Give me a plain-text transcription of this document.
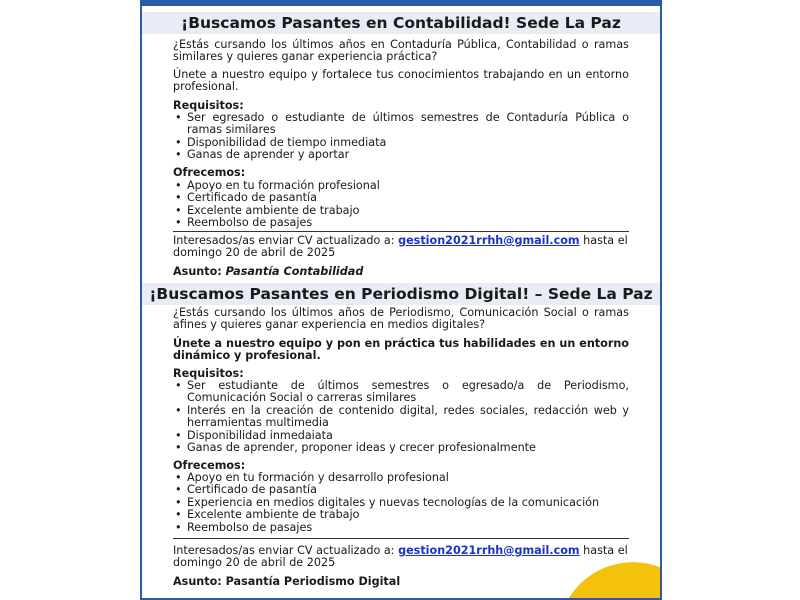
¡Buscamos Pasantes en Contabilidad! Sede La Paz
¿Estás cursando los últimos años en Contaduría Pública, Contabilidad o ramas similares y quieres ganar experiencia práctica?
Únete a nuestro equipo y fortalece tus conocimientos trabajando en un entorno profesional.
Requisitos:
• Ser egresado o estudiante de últimos semestres de Contaduría Pública o ramas similares
• Disponibilidad de tiempo inmediata
• Ganas de aprender y aportar
Ofrecemos:
• Apoyo en tu formación profesional
• Certificado de pasantía
• Excelente ambiente de trabajo
• Reembolso de pasajes
Interesados/as enviar CV actualizado a: gestion2021rrhh@gmail.com hasta el domingo 20 de abril de 2025
Asunto: Pasantía Contabilidad
¡Buscamos Pasantes en Periodismo Digital! – Sede La Paz
¿Estás cursando los últimos años de Periodismo, Comunicación Social o ramas afines y quieres ganar experiencia en medios digitales?
Únete a nuestro equipo y pon en práctica tus habilidades en un entorno dinámico y profesional.
Requisitos:
• Ser estudiante de últimos semestres o egresado/a de Periodismo, Comunicación Social o carreras similares
• Interés en la creación de contenido digital, redes sociales, redacción web y herramientas multimedia
• Disponibilidad inmedaiata
• Ganas de aprender, proponer ideas y crecer profesionalmente
Ofrecemos:
• Apoyo en tu formación y desarrollo profesional
• Certificado de pasantía
• Experiencia en medios digitales y nuevas tecnologías de la comunicación
• Excelente ambiente de trabajo
• Reembolso de pasajes
Interesados/as enviar CV actualizado a: gestion2021rrhh@gmail.com hasta el domingo 20 de abril de 2025
Asunto: Pasantía Periodismo Digital
